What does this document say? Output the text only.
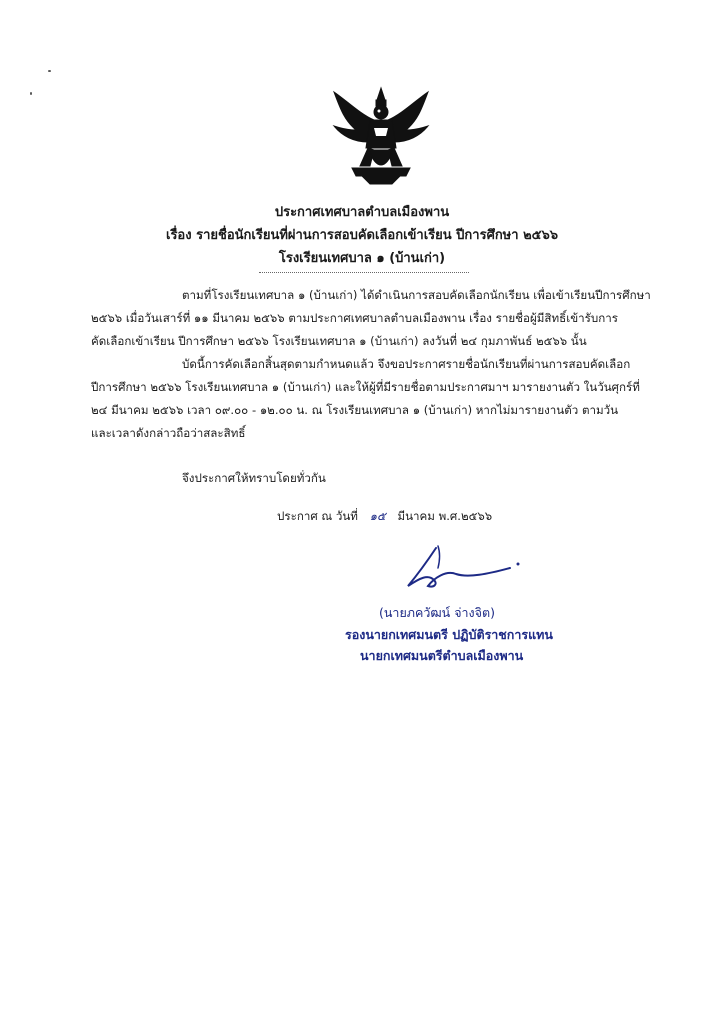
ประกาศเทศบาลตำบลเมืองพาน
เรื่อง รายชื่อนักเรียนที่ผ่านการสอบคัดเลือกเข้าเรียน ปีการศึกษา ๒๕๖๖
โรงเรียนเทศบาล ๑ (บ้านเก่า)
ตามที่โรงเรียนเทศบาล ๑ (บ้านเก่า) ได้ดำเนินการสอบคัดเลือกนักเรียน เพื่อเข้าเรียนปีการศึกษา
๒๕๖๖ เมื่อวันเสาร์ที่ ๑๑ มีนาคม ๒๕๖๖ ตามประกาศเทศบาลตำบลเมืองพาน เรื่อง รายชื่อผู้มีสิทธิ์เข้ารับการ
คัดเลือกเข้าเรียน ปีการศึกษา ๒๕๖๖ โรงเรียนเทศบาล ๑ (บ้านเก่า) ลงวันที่ ๒๔ กุมภาพันธ์ ๒๕๖๖ นั้น
บัดนี้การคัดเลือกสิ้นสุดตามกำหนดแล้ว จึงขอประกาศรายชื่อนักเรียนที่ผ่านการสอบคัดเลือก
ปีการศึกษา ๒๕๖๖ โรงเรียนเทศบาล ๑ (บ้านเก่า) และให้ผู้ที่มีรายชื่อตามประกาศมาฯ มารายงานตัว ในวันศุกร์ที่
๒๔ มีนาคม ๒๕๖๖ เวลา ๐๙.๐๐ - ๑๒.๐๐ น. ณ โรงเรียนเทศบาล ๑ (บ้านเก่า) หากไม่มารายงานตัว ตามวัน
และเวลาดังกล่าวถือว่าสละสิทธิ์
จึงประกาศให้ทราบโดยทั่วกัน
ประกาศ ณ วันที่ ๑๕ มีนาคม พ.ศ.๒๕๖๖
(นายภควัฒน์ จ่างจิต)
รองนายกเทศมนตรี ปฏิบัติราชการแทน
นายกเทศมนตรีตำบลเมืองพาน
